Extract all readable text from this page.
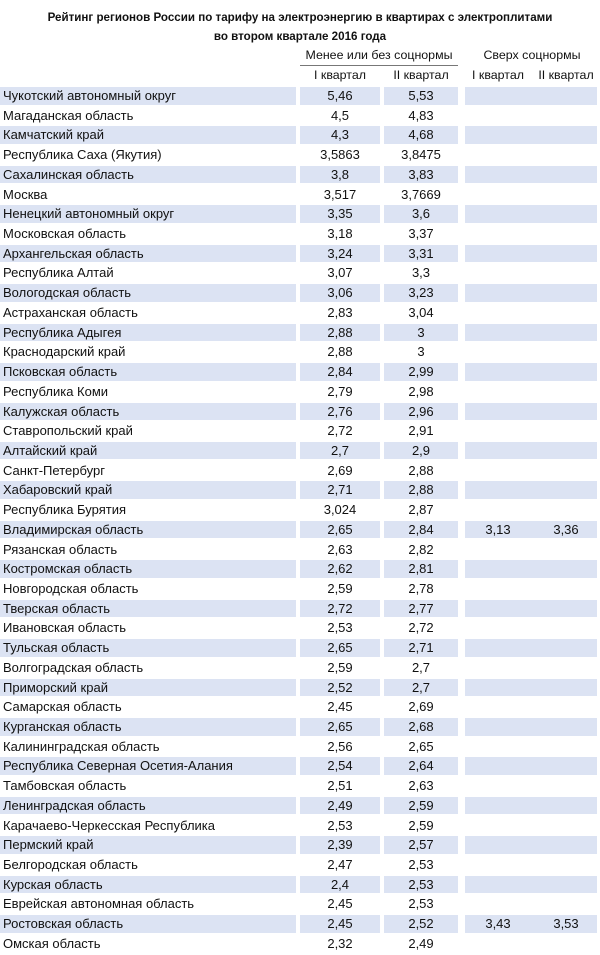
Рейтинг регионов России по тарифу на электроэнергию в квартирах с электроплитами
во втором квартале 2016 года
Менее или без соцнормы	Сверх соцнормы
I квартал	II квартал	I квартал	II квартал
Чукотский автономный округ	5,46	5,53
Магаданская область	4,5	4,83
Камчатский край	4,3	4,68
Республика Саха (Якутия)	3,5863	3,8475
Сахалинская область	3,8	3,83
Москва	3,517	3,7669
Ненецкий автономный округ	3,35	3,6
Московская область	3,18	3,37
Архангельская область	3,24	3,31
Республика Алтай	3,07	3,3
Вологодская область	3,06	3,23
Астраханская область	2,83	3,04
Республика Адыгея	2,88	3
Краснодарский край	2,88	3
Псковская область	2,84	2,99
Республика Коми	2,79	2,98
Калужская область	2,76	2,96
Ставропольский край	2,72	2,91
Алтайский край	2,7	2,9
Санкт-Петербург	2,69	2,88
Хабаровский край	2,71	2,88
Республика Бурятия	3,024	2,87
Владимирская область	2,65	2,84	3,13	3,36
Рязанская область	2,63	2,82
Костромская область	2,62	2,81
Новгородская область	2,59	2,78
Тверская область	2,72	2,77
Ивановская область	2,53	2,72
Тульская область	2,65	2,71
Волгоградская область	2,59	2,7
Приморский край	2,52	2,7
Самарская область	2,45	2,69
Курганская область	2,65	2,68
Калининградская область	2,56	2,65
Республика Северная Осетия-Алания	2,54	2,64
Тамбовская область	2,51	2,63
Ленинградская область	2,49	2,59
Карачаево-Черкесская Республика	2,53	2,59
Пермский край	2,39	2,57
Белгородская область	2,47	2,53
Курская область	2,4	2,53
Еврейская автономная область	2,45	2,53
Ростовская область	2,45	2,52	3,43	3,53
Омская область	2,32	2,49
